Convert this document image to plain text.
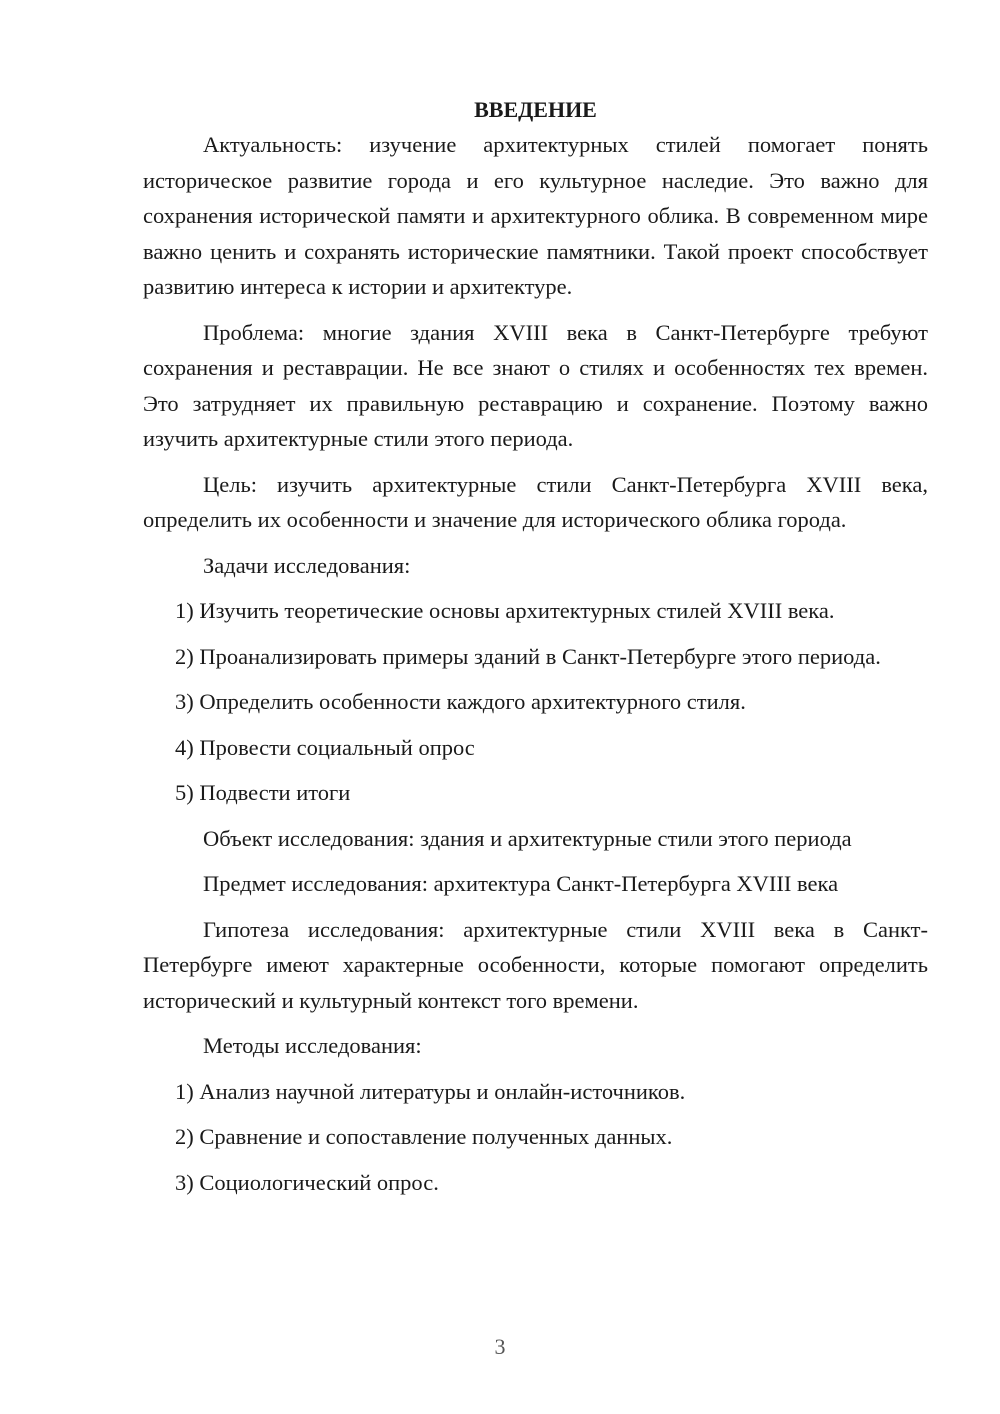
ВВЕДЕНИЕ

Актуальность: изучение архитектурных стилей помогает понять историческое развитие города и его культурное наследие. Это важно для сохранения исторической памяти и архитектурного облика. В современном мире важно ценить и сохранять исторические памятники. Такой проект способствует развитию интереса к истории и архитектуре.

Проблема: многие здания XVIII века в Санкт-Петербурге требуют сохранения и реставрации. Не все знают о стилях и особенностях тех времен. Это затрудняет их правильную реставрацию и сохранение. Поэтому важно изучить архитектурные стили этого периода.

Цель: изучить архитектурные стили Санкт-Петербурга XVIII века, определить их особенности и значение для исторического облика города.

Задачи исследования:

1) Изучить теоретические основы архитектурных стилей XVIII века.

2) Проанализировать примеры зданий в Санкт-Петербурге этого периода.

3) Определить особенности каждого архитектурного стиля.

4) Провести социальный опрос

5) Подвести итоги

Объект исследования: здания и архитектурные стили этого периода

Предмет исследования: архитектура Санкт-Петербурга XVIII века

Гипотеза исследования: архитектурные стили XVIII века в Санкт-Петербурге имеют характерные особенности, которые помогают определить исторический и культурный контекст того времени.

Методы исследования:

1) Анализ научной литературы и онлайн-источников.

2) Сравнение и сопоставление полученных данных.

3) Социологический опрос.

3
